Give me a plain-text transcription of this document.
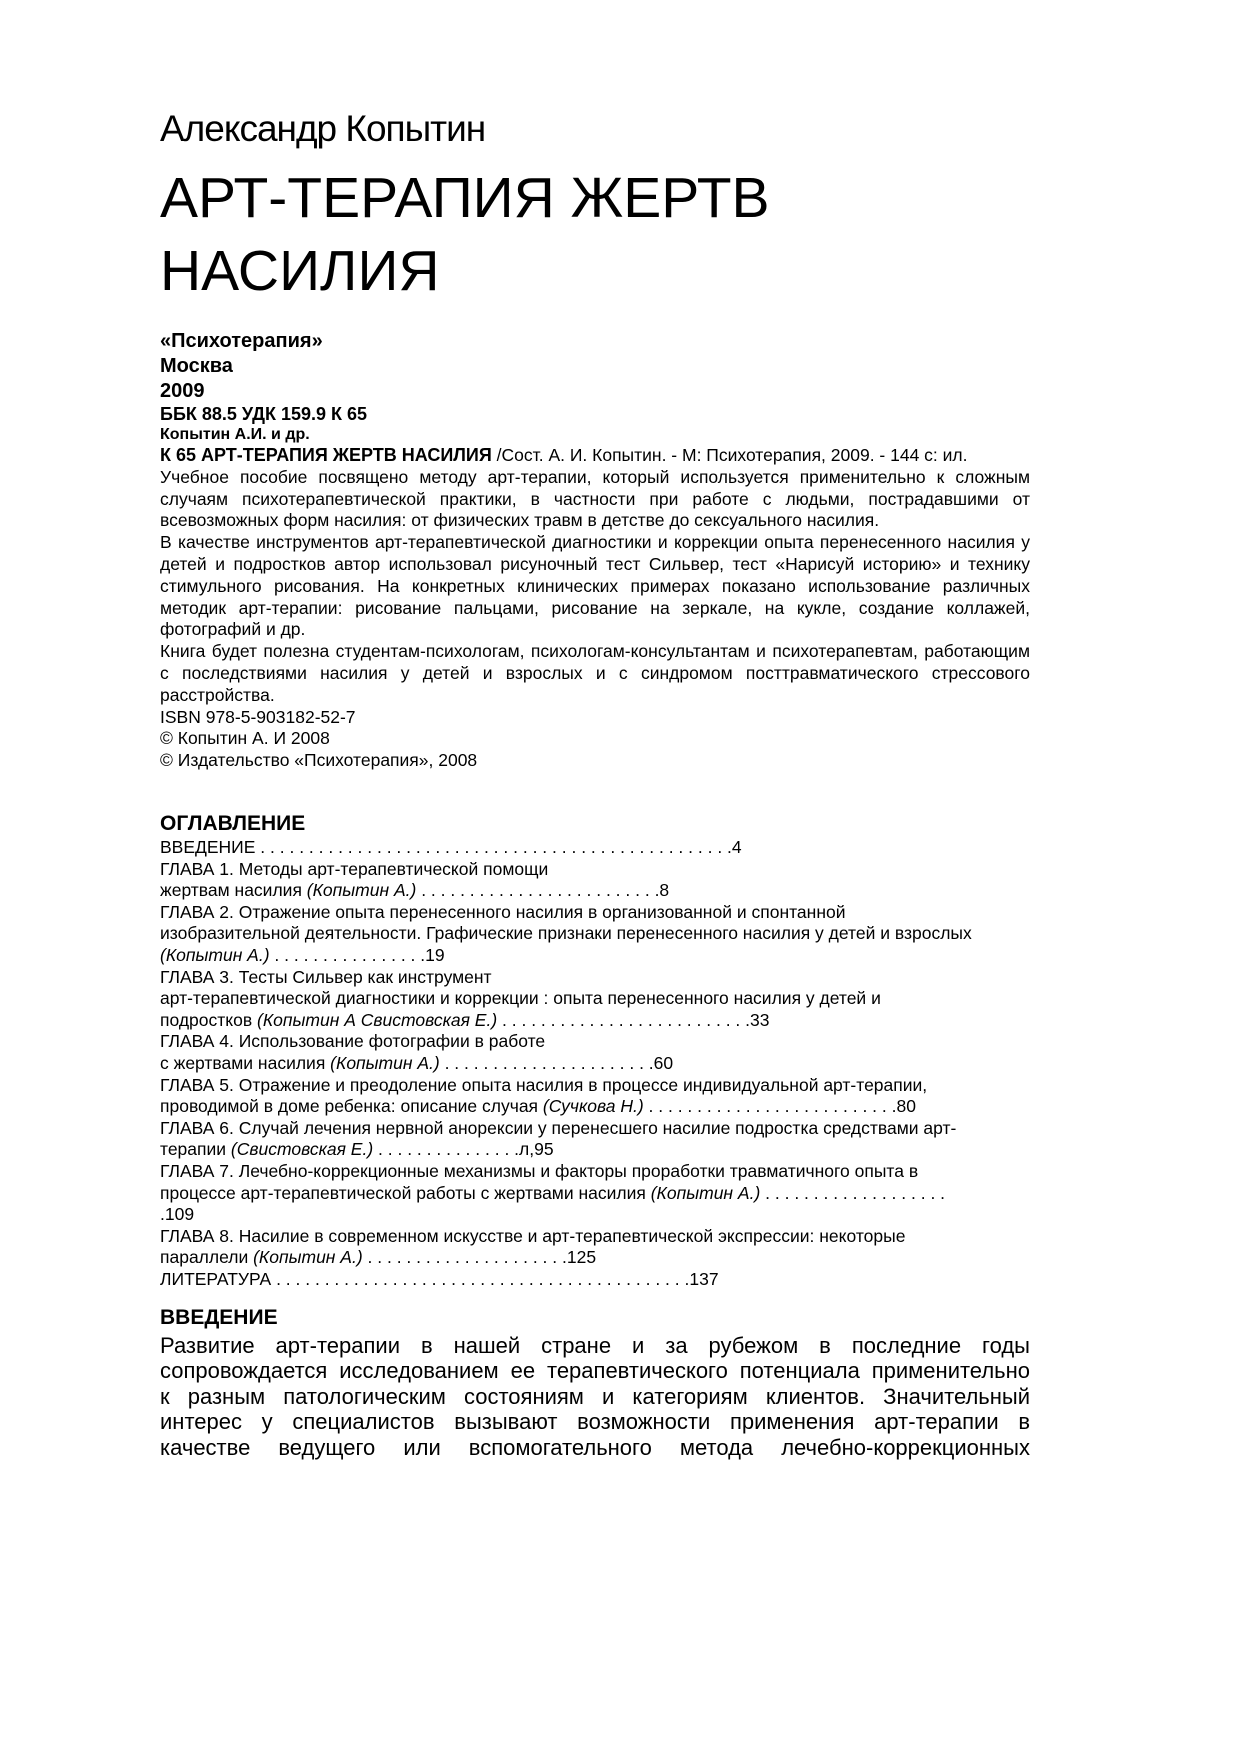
Александр Копытин
АРТ-ТЕРАПИЯ ЖЕРТВ
НАСИЛИЯ
«Психотерапия»
Москва
2009
ББК 88.5 УДК 159.9 К 65
Копытин А.И. и др.

К 65 АРТ-ТЕРАПИЯ ЖЕРТВ НАСИЛИЯ /Сост. А. И. Копытин. - М: Психотерапия, 2009. - 144 с: ил.

Учебное пособие посвящено методу арт-терапии, который используется применительно к сложным случаям психотерапевтической практики, в частности при работе с людьми, пострадавшими от всевозможных форм насилия: от физических травм в детстве до сексуального насилия.

В качестве инструментов арт-терапевтической диагностики и коррекции опыта перенесенного насилия у детей и подростков автор использовал рисуночный тест Сильвер, тест «Нарисуй историю» и технику стимульного рисования. На конкретных клинических примерах показано использование различных методик арт-терапии: рисование пальцами, рисование на зеркале, на кукле, создание коллажей, фотографий и др.

Книга будет полезна студентам-психологам, психологам-консультантам и психотерапевтам, работающим с последствиями насилия у детей и взрослых и с синдромом посттравматического стрессового расстройства.

ISBN 978-5-903182-52-7

© Копытин А. И 2008

© Издательство «Психотерапия», 2008

ОГЛАВЛЕНИЕ
ВВЕДЕНИЕ . . . . . . . . . . . . . . . . . . . . . . . . . . . . . . . . . . . . . . . . . . . . . . . . .4
ГЛАВА 1. Методы арт-терапевтической помощи
жертвам насилия (Копытин А.) . . . . . . . . . . . . . . . . . . . . . . . . .8
ГЛАВА 2. Отражение опыта перенесенного насилия в организованной и спонтанной
изобразительной деятельности. Графические признаки перенесенного насилия у детей и взрослых
(Копытин А.) . . . . . . . . . . . . . . . .19
ГЛАВА 3. Тесты Сильвер как инструмент
арт-терапевтической диагностики и коррекции : опыта перенесенного насилия у детей и
подростков (Копытин А Свистовская Е.) . . . . . . . . . . . . . . . . . . . . . . . . . .33
ГЛАВА 4. Использование фотографии в работе
с жертвами насилия (Копытин А.) . . . . . . . . . . . . . . . . . . . . . .60
ГЛАВА 5. Отражение и преодоление опыта насилия в процессе индивидуальной арт-терапии,
проводимой в доме ребенка: описание случая (Сучкова Н.) . . . . . . . . . . . . . . . . . . . . . . . . . .80
ГЛАВА 6. Случай лечения нервной анорексии у перенесшего насилие подростка средствами арт-
терапии (Свистовская Е.) . . . . . . . . . . . . . . .л,95
ГЛАВА 7. Лечебно-коррекционные механизмы и факторы проработки травматичного опыта в
процессе арт-терапевтической работы с жертвами насилия (Копытин А.) . . . . . . . . . . . . . . . . . . .
.109
ГЛАВА 8. Насилие в современном искусстве и арт-терапевтической экспрессии: некоторые
параллели (Копытин А.) . . . . . . . . . . . . . . . . . . . . .125
ЛИТЕРАТУРА . . . . . . . . . . . . . . . . . . . . . . . . . . . . . . . . . . . . . . . . . . .137
ВВЕДЕНИЕ

Развитие арт-терапии в нашей стране и за рубежом в последние годы

сопровождается исследованием ее терапевтического потенциала применительно

к разным патологическим состояниям и категориям клиентов. Значительный

интерес у специалистов вызывают возможности применения арт-терапии в

качестве ведущего или вспомогательного метода лечебно-коррекционных
